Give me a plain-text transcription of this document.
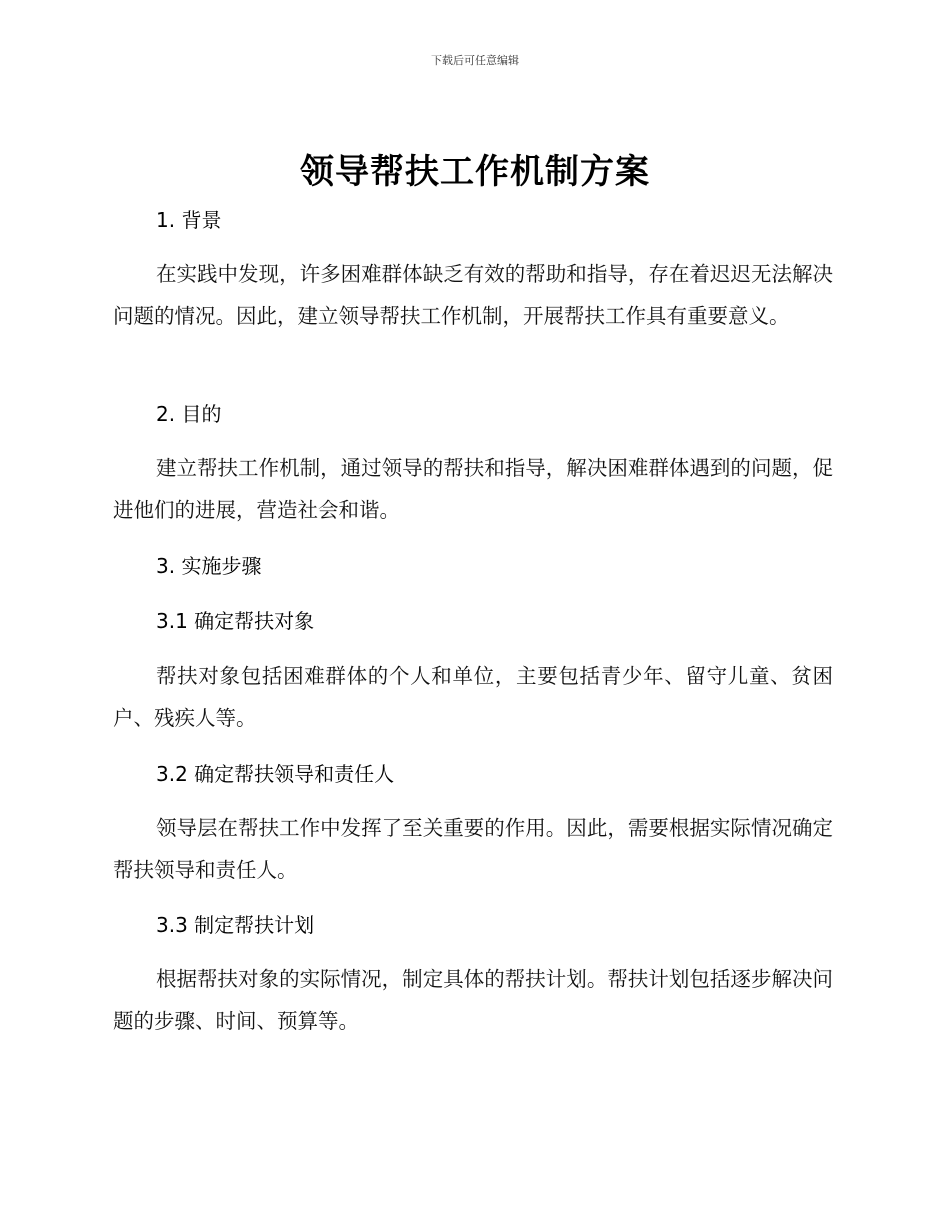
下载后可任意编辑
领导帮扶工作机制方案
1. 背景

在实践中发现，许多困难群体缺乏有效的帮助和指导，存在着迟迟无法解决问题的情况。因此，建立领导帮扶工作机制，开展帮扶工作具有重要意义。

2. 目的

建立帮扶工作机制，通过领导的帮扶和指导，解决困难群体遇到的问题，促进他们的进展，营造社会和谐。

3. 实施步骤
3.1 确定帮扶对象

帮扶对象包括困难群体的个人和单位，主要包括青少年、留守儿童、贫困户、残疾人等。

3.2 确定帮扶领导和责任人

领导层在帮扶工作中发挥了至关重要的作用。因此，需要根据实际情况确定帮扶领导和责任人。

3.3 制定帮扶计划

根据帮扶对象的实际情况，制定具体的帮扶计划。帮扶计划包括逐步解决问题的步骤、时间、预算等。
